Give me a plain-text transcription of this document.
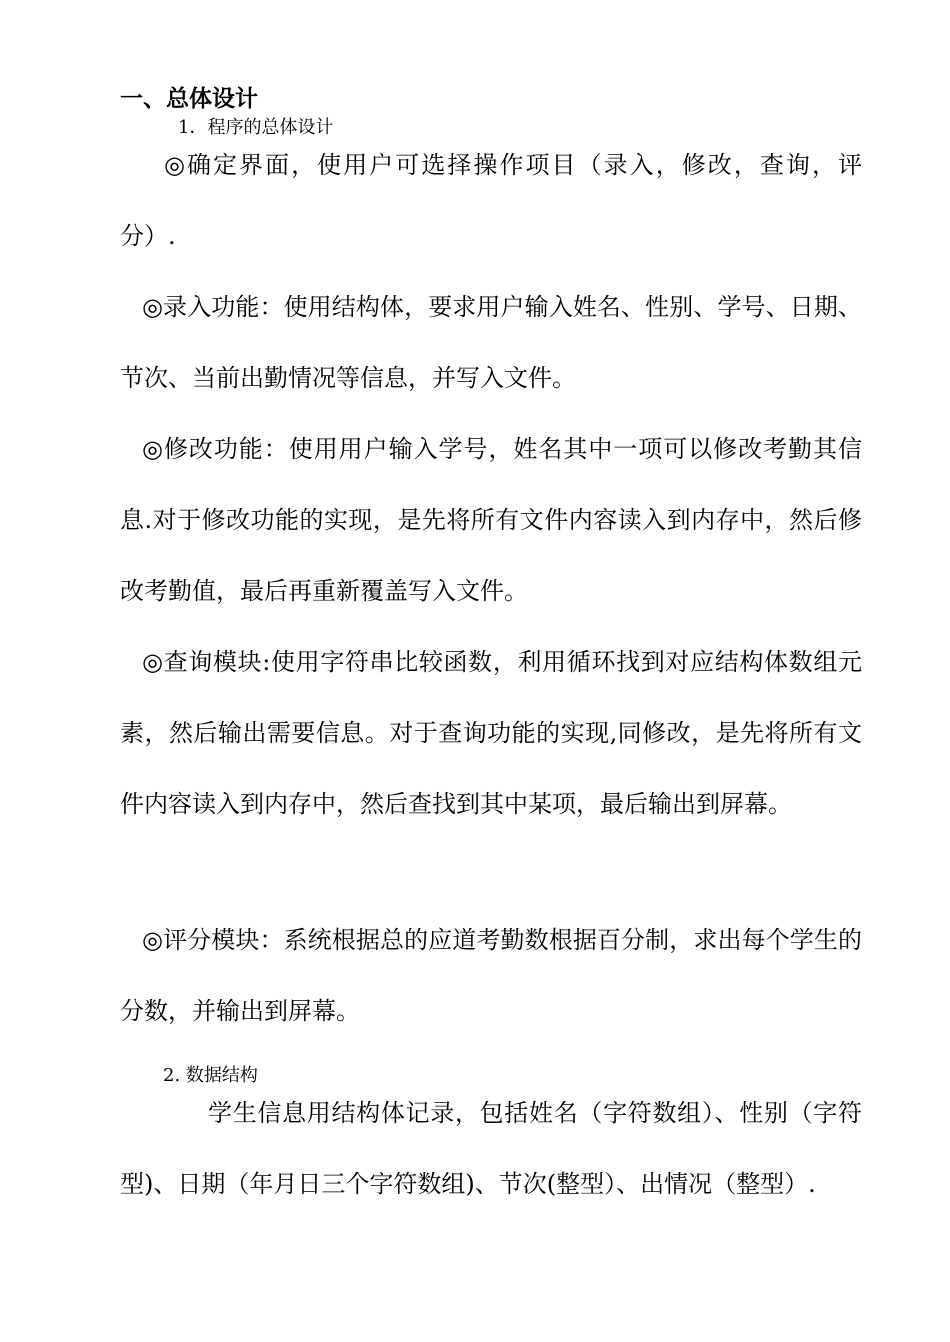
一、总体设计
1．程序的总体设计

◎确定界面，使用户可选择操作项目（录入，修改，查询，评分）.

◎录入功能：使用结构体，要求用户输入姓名、性别、学号、日期、节次、当前出勤情况等信息，并写入文件。

◎修改功能：使用用户输入学号，姓名其中一项可以修改考勤其信息.对于修改功能的实现，是先将所有文件内容读入到内存中，然后修改考勤值，最后再重新覆盖写入文件。

◎查询模块:使用字符串比较函数，利用循环找到对应结构体数组元素，然后输出需要信息。对于查询功能的实现,同修改，是先将所有文件内容读入到内存中，然后查找到其中某项，最后输出到屏幕。

◎评分模块：系统根据总的应道考勤数根据百分制，求出每个学生的分数，并输出到屏幕。

2. 数据结构

学生信息用结构体记录，包括姓名（字符数组）、性别（字符型)、日期（年月日三个字符数组)、节次(整型）、出情况（整型）.
